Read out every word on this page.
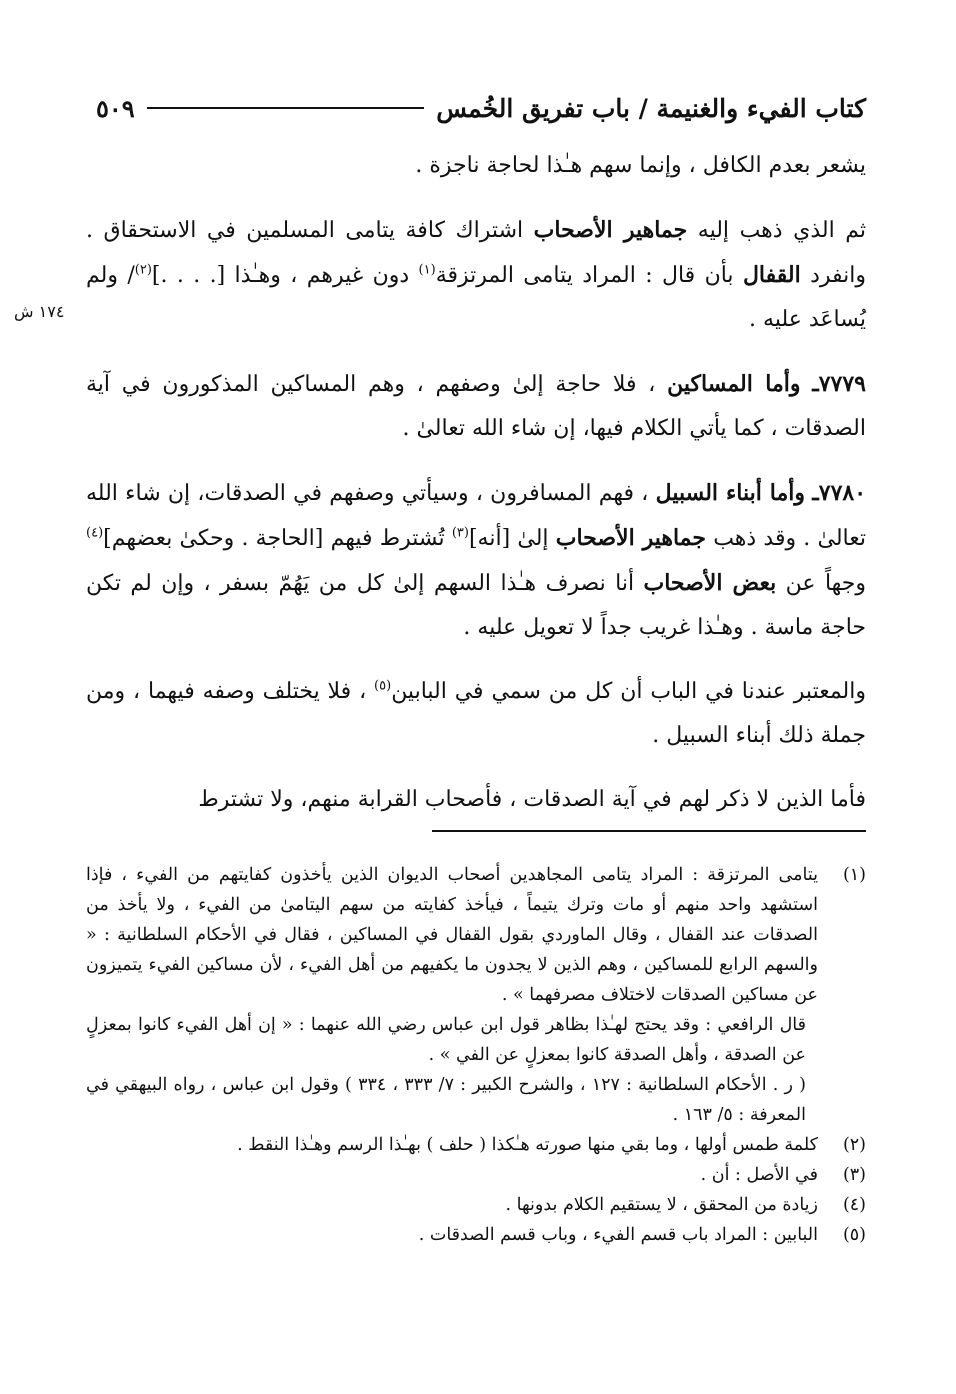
كتاب الفيء والغنيمة / باب تفريق الخُمس
٥٠٩
١٧٤ ش

يشعر بعدم الكافل ، وإنما سهم هـٰذا لحاجة ناجزة .

ثم الذي ذهب إليه جماهير الأصحاب اشتراك كافة يتامى المسلمين في الاستحقاق . وانفرد القفال بأن قال : المراد يتامى المرتزقة$^{(١)}$ دون غيرهم ، وهـٰذا [. . . .]$^{(٢)}$/ ولم يُساعَد عليه .

٧٧٧٩ـ وأما المساكين ، فلا حاجة إلىٰ وصفهم ، وهم المساكين المذكورون في آية الصدقات ، كما يأتي الكلام فيها، إن شاء الله تعالىٰ .

٧٧٨٠ـ وأما أبناء السبيل ، فهم المسافرون ، وسيأتي وصفهم في الصدقات، إن شاء الله تعالىٰ . وقد ذهب جماهير الأصحاب إلىٰ [أنه]$^{(٣)}$ تُشترط فيهم [الحاجة . وحكىٰ بعضهم]$^{(٤)}$ وجهاً عن بعض الأصحاب أنا نصرف هـٰذا السهم إلىٰ كل من يَهُمّ بسفر ، وإن لم تكن حاجة ماسة . وهـٰذا غريب جداً لا تعويل عليه .

والمعتبر عندنا في الباب أن كل من سمي في البابين$^{(٥)}$ ، فلا يختلف وصفه فيهما ، ومن جملة ذلك أبناء السبيل .

فأما الذين لا ذكر لهم في آية الصدقات ، فأصحاب القرابة منهم، ولا تشترط

(١)

يتامى المرتزقة : المراد يتامى المجاهدين أصحاب الديوان الذين يأخذون كفايتهم من الفيء ، فإذا استشهد واحد منهم أو مات وترك يتيماً ، فيأخذ كفايته من سهم اليتامىٰ من الفيء ، ولا يأخذ من الصدقات عند القفال ، وقال الماوردي بقول القفال في المساكين ، فقال في الأحكام السلطانية : « والسهم الرابع للمساكين ، وهم الذين لا يجدون ما يكفيهم من أهل الفيء ، لأن مساكين الفيء يتميزون عن مساكين الصدقات لاختلاف مصرفهما » .

قال الرافعي : وقد يحتج لهـٰذا بظاهر قول ابن عباس رضي الله عنهما : « إن أهل الفيء كانوا بمعزلٍ عن الصدقة ، وأهل الصدقة كانوا بمعزلٍ عن الفي » .

( ر . الأحكام السلطانية : ١٢٧ ، والشرح الكبير : ٧/ ٣٣٣ ، ٣٣٤ ) وقول ابن عباس ، رواه البيهقي في المعرفة : ٥/ ١٦٣ .

(٢)

كلمة طمس أولها ، وما بقي منها صورته هـٰكذا ( حلف ) بهـٰذا الرسم وهـٰذا النقط .

(٣)

في الأصل : أن .

(٤)

زيادة من المحقق ، لا يستقيم الكلام بدونها .

(٥)

البابين : المراد باب قسم الفيء ، وباب قسم الصدقات .
